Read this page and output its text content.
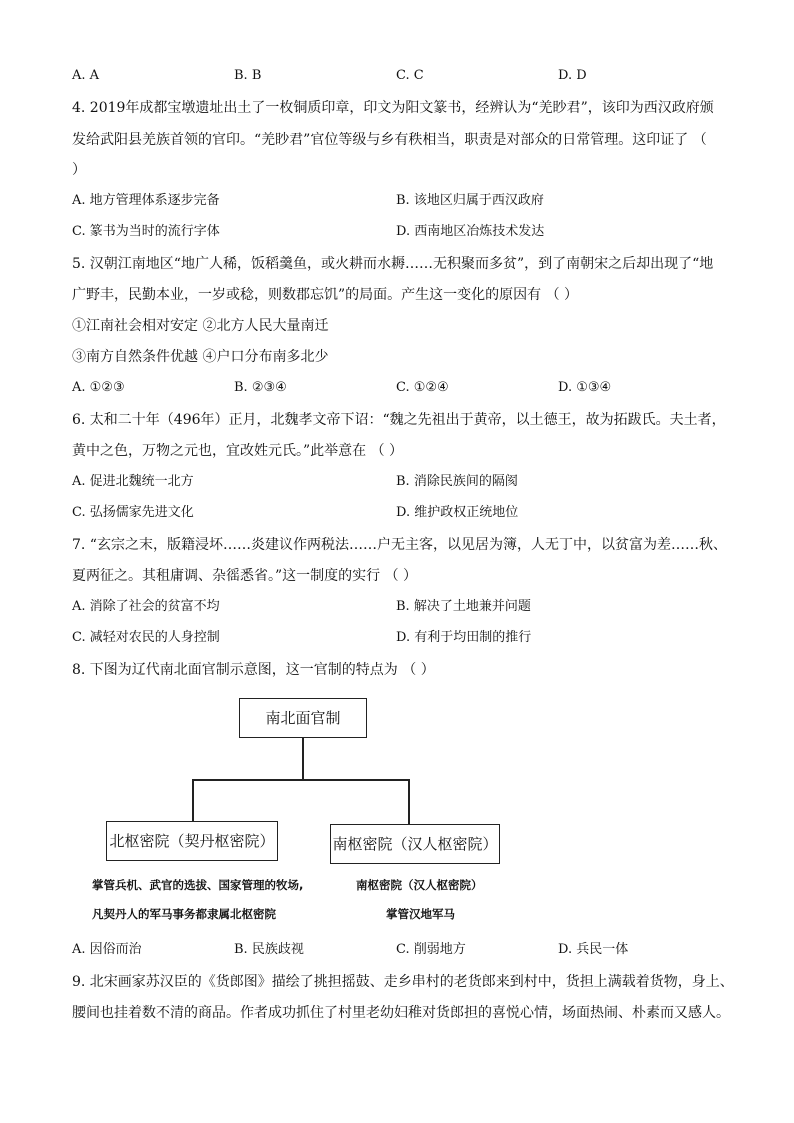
A. A	B. B	C. C	D. D
4. 2019年成都宝墩遗址出土了一枚铜质印章，印文为阳文篆书，经辨认为“羌眇君”，该印为西汉政府颁
发给武阳县羌族首领的官印。“羌眇君”官位等级与乡有秩相当，职责是对部众的日常管理。这印证了 （
）
A. 地方管理体系逐步完备	B. 该地区归属于西汉政府
C. 篆书为当时的流行字体	D. 西南地区冶炼技术发达
5. 汉朝江南地区“地广人稀，饭稻羹鱼，或火耕而水耨……无积聚而多贫”，到了南朝宋之后却出现了“地
广野丰，民勤本业，一岁或稔，则数郡忘饥”的局面。产生这一变化的原因有 （ ）
①江南社会相对安定 ②北方人民大量南迁
③南方自然条件优越 ④户口分布南多北少
A. ①②③	B. ②③④	C. ①②④	D. ①③④
6. 太和二十年（496年）正月，北魏孝文帝下诏：“魏之先祖出于黄帝，以土德王，故为拓跋氏。夫土者，
黄中之色，万物之元也，宜改姓元氏。”此举意在 （ ）
A. 促进北魏统一北方	B. 消除民族间的隔阂
C. 弘扬儒家先进文化	D. 维护政权正统地位
7. “玄宗之末，版籍浸坏……炎建议作两税法……户无主客，以见居为簿，人无丁中，以贫富为差……秋、
夏两征之。其租庸调、杂徭悉省。”这一制度的实行 （ ）
A. 消除了社会的贫富不均	B. 解决了土地兼并问题
C. 减轻对农民的人身控制	D. 有利于均田制的推行
8. 下图为辽代南北面官制示意图，这一官制的特点为 （ ）
南北面官制
北枢密院（契丹枢密院）	南枢密院（汉人枢密院）
掌管兵机、武官的选拔、国家管理的牧场,
凡契丹人的军马事务都隶属北枢密院
南枢密院（汉人枢密院）
掌管汉地军马
A. 因俗而治	B. 民族歧视	C. 削弱地方	D. 兵民一体
9. 北宋画家苏汉臣的《货郎图》描绘了挑担摇鼓、走乡串村的老货郎来到村中，货担上满载着货物，身上、
腰间也挂着数不清的商品。作者成功抓住了村里老幼妇稚对货郎担的喜悦心情，场面热闹、朴素而又感人。
